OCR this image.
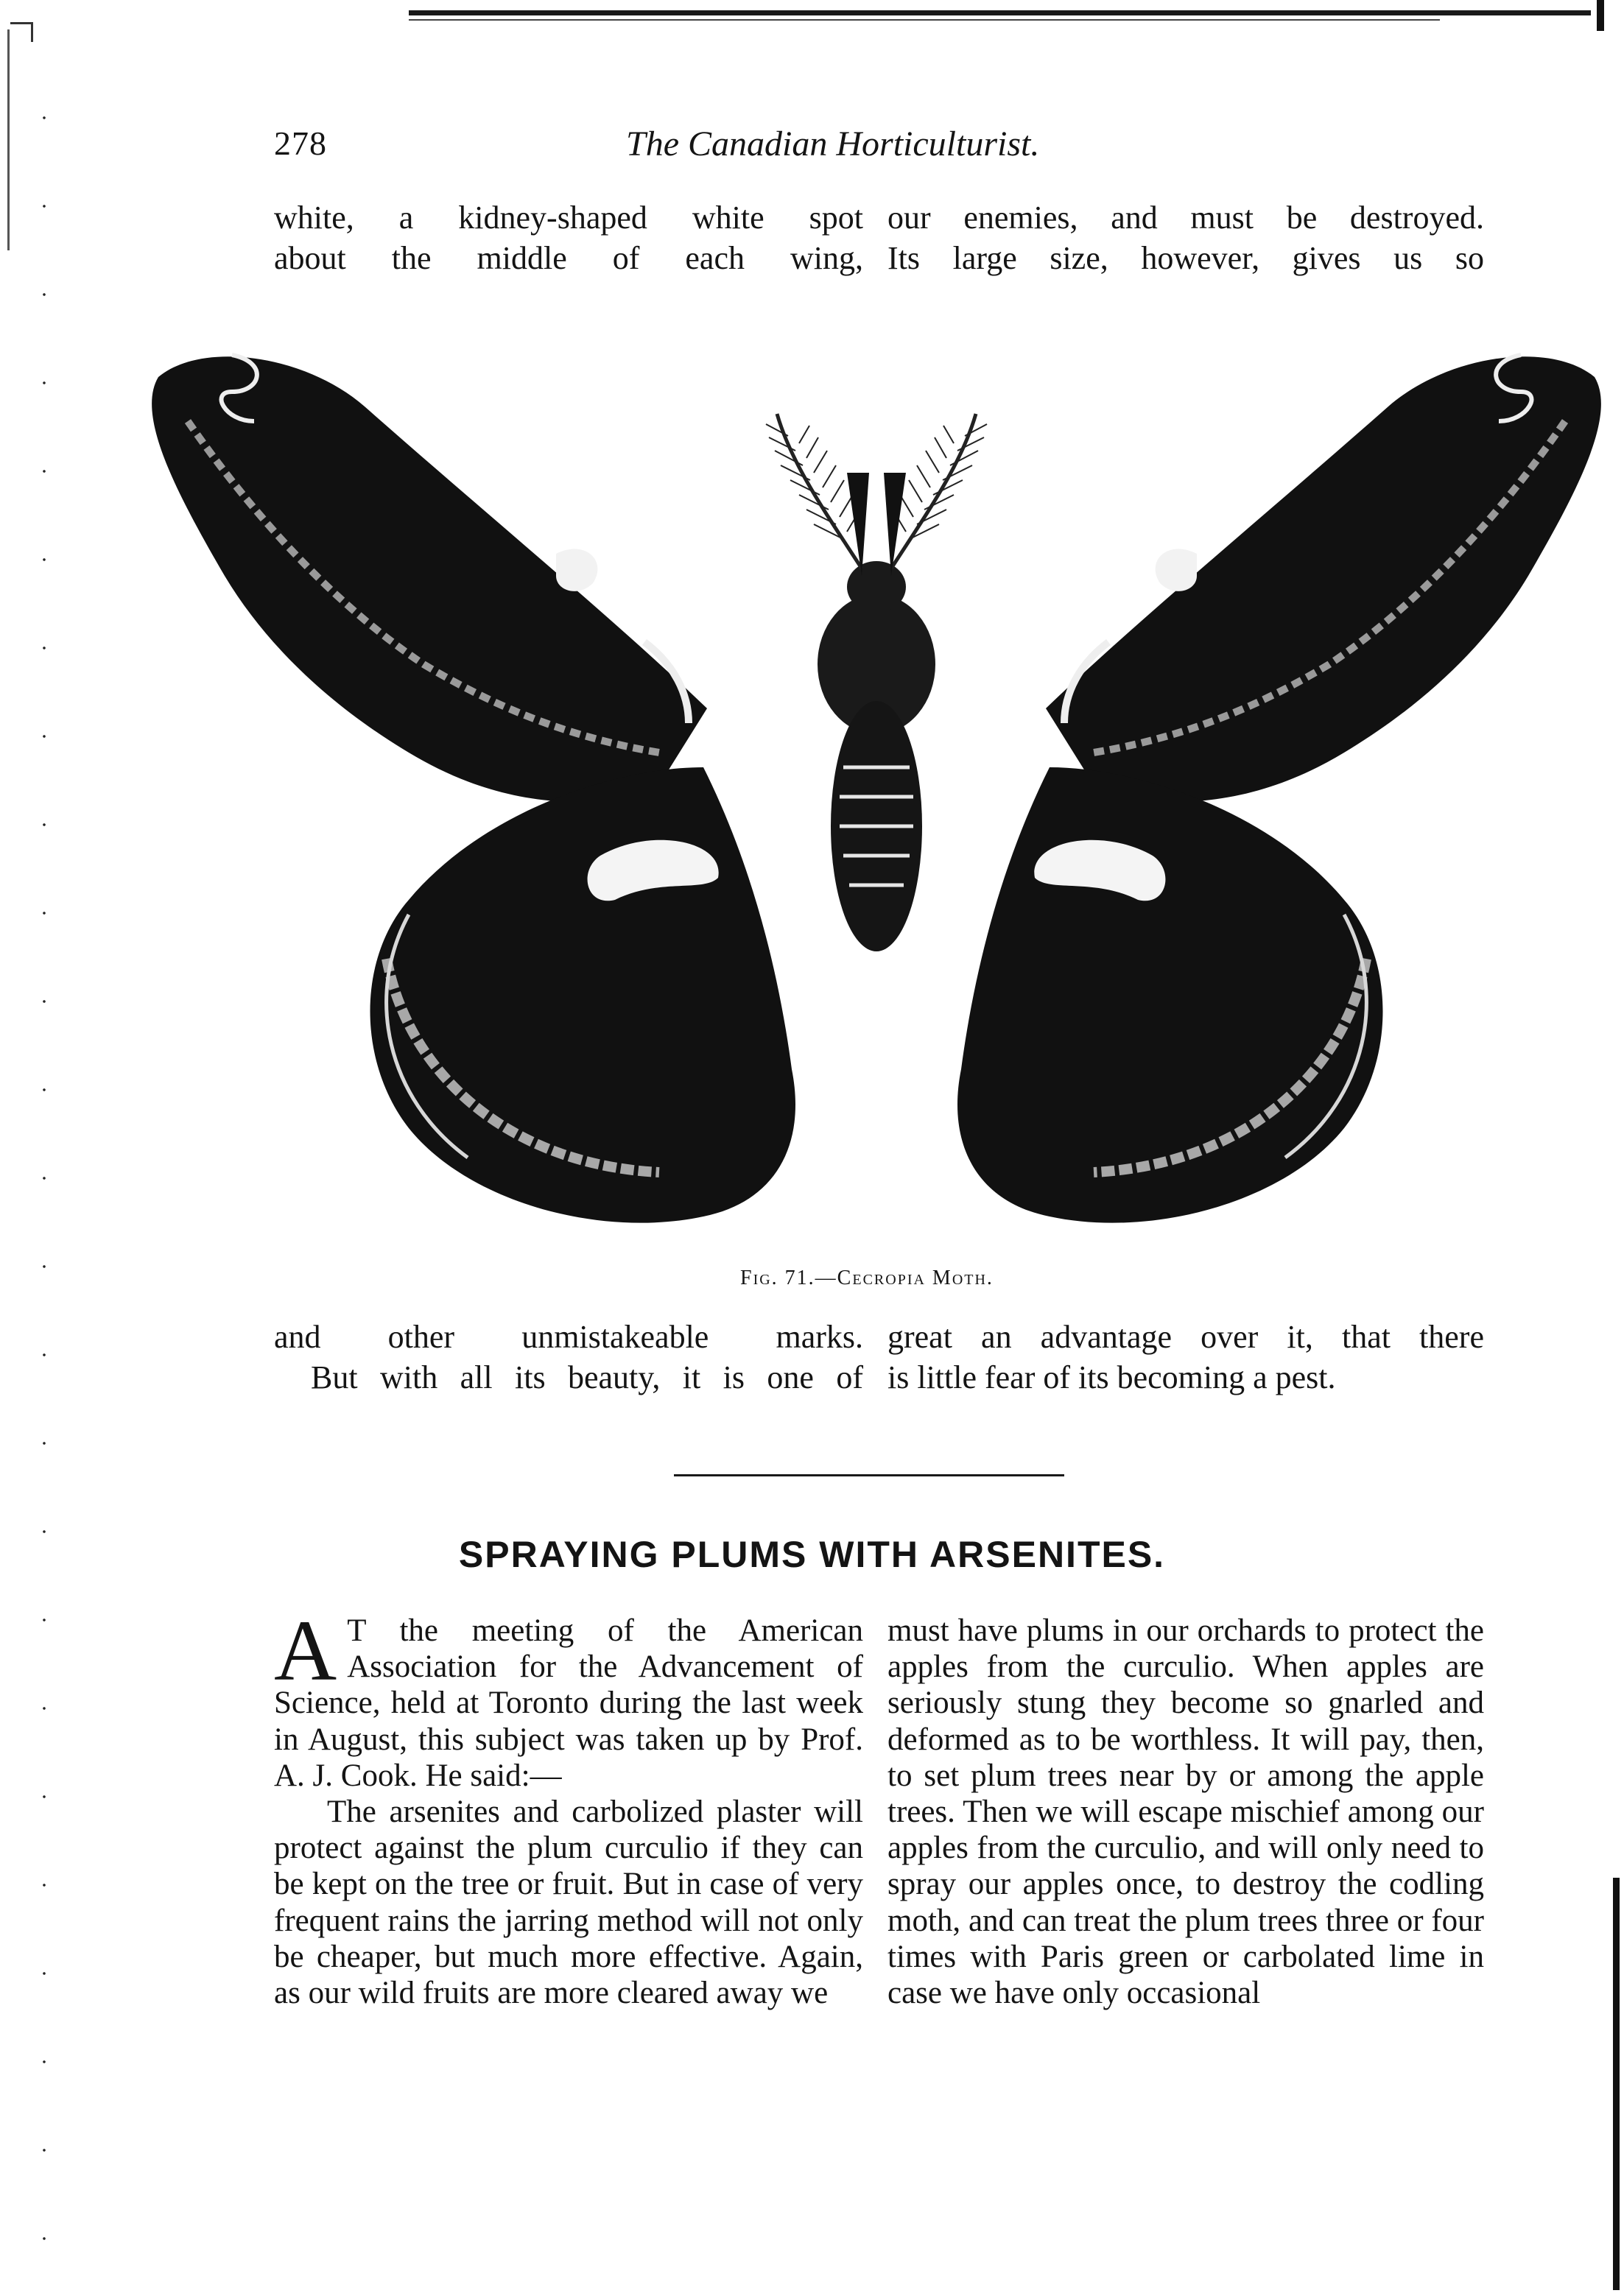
278	The Canadian Horticulturist.
white, a kidney-shaped white spot
about the middle of each wing,
our enemies, and must be destroyed.
Its large size, however, gives us so
Fig. 71.—Cecropia Moth.
and other unmistakeable marks.
But with all its beauty, it is one of
great an advantage over it, that there
is little fear of its becoming a pest.
SPRAYING PLUMS WITH ARSENITES.

A T the meeting of the American Association for the Advancement of Science, held at Toronto during the last week in August, this subject was taken up by Prof. A. J. Cook. He said:—

The arsenites and carbolized plaster will protect against the plum curculio if they can be kept on the tree or fruit. But in case of very frequent rains the jarring method will not only be cheaper, but much more effective. Again, as our wild fruits are more cleared away we

must have plums in our orchards to protect the apples from the curculio. When apples are seriously stung they become so gnarled and deformed as to be worthless. It will pay, then, to set plum trees near by or among the apple trees. Then we will escape mischief among our apples from the curculio, and will only need to spray our apples once, to destroy the codling moth, and can treat the plum trees three or four times with Paris green or carbolated lime in case we have only occasional
